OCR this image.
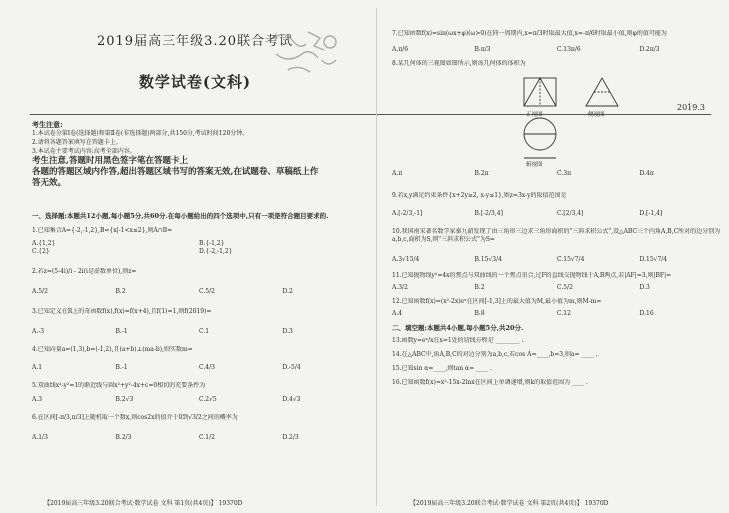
2019届高三年级3.20联合考试
数学试卷(文科)
2019.3
考生注意:
1.本试卷分第Ⅰ卷(选择题)和第Ⅱ卷(非选择题)两部分,共150分,考试时间120分钟。
2.请将各题答案填写在答题卡上。
3.本试卷主要考试内容:高考全部内容。
考生注意,答题时用黑色签字笔在答题卡上
各题的答题区域内作答,超出答题区域书写的答案无效,在试题卷、草稿纸上作
答无效。
一、选择题:本题共12小题,每小题5分,共60分.在每小题给出的四个选项中,只有一项是符合题目要求的.
1.已知集合A={-2,-1,2},B={x|-1<x≤2},则A∩B=
A.{1,2}	B.{-1,2}
C.{2}	D.{-2,-1,2}
2.若z=(5-4i)/i - 2i(i是虚数单位),则z=
A.5/2	B.2	C.5/2	D.2
3.已知定义在R上的奇函数f(x),f(x)=f(x+4),且f(1)=1,则f(2019)=
A.-3	B.-1	C.1	D.3
4.已知向量a=(1,3),b=(-1,2),且(a+b)⊥(ma-b),则实数m=
A.1	B.-1	C.4/3	D.-5/4
5.双曲线x²-y²=1的渐近线与圆x²+y²-4x+c=0相切的充要条件为
A.3	B.2√3	C.2√5	D.4√3
6.在区间[-π/3,π/3]上随机取一个数x,则cos2x的值介于0到√3/2之间的概率为
A.1/3	B.2/3	C.1/2	D.2/3
【2019届高三年级3.20联合考试·数学试卷 文科 第1页(共4页)】 19370D
7.已知函数f(x)=sin(ωx+φ)(ω>0)在同一周期内,x=π/3时取最大值,x=-π/6时取最小值,则φ的值可能为
A.π/6	B.π/3	C.13π/6	D.2π/3
8.某几何体的三视图如图所示,则该几何体的体积为
正视图	侧视图
俯视图
A.π	B.2π	C.3π	D.4π
9.若x,y满足约束条件{x+2y≥2, x-y≤1},则z=3x-y的取值范围是
A.[-2/3,-1]	B.[-2/3,4]	C.[2/3,4]	D.[-1,4]
10.我国南宋著名数学家秦九韶发现了由三角形三边求三角形面积的"三斜求积公式",设△ABC三个内角A,B,C所对的边分别为a,b,c,面积为S,则"三斜求积公式"为S=
A.3√15/4	B.15√3/4	C.15√7/4	D.15√7/4
11.已知抛物线y²=4x的焦点与双曲线的一个焦点重合,过F的直线交抛物线于A,B两点,若|AF|=3,则|BF|=
A.3/2	B.2	C.5/2	D.3
12.已知函数f(x)=(x²-2x)eˣ在区间[-1,3]上的最大值为M,最小值为m,则M-m=
A.4	B.8	C.12	D.16
二、填空题:本题共4小题,每小题5分,共20分.
13.函数y=eˣ/x在x=1处的切线方程是 ________ .
14.在△ABC中,角A,B,C的对边分别为a,b,c,若cos A=____,b=3,则a= ____ .
15.已知sin α=____,则tan α= ____ .
16.已知函数f(x)=x²-15x-2lnx在区间上单调递增,则k的取值范围为 ____ .
【2019届高三年级3.20联合考试·数学试卷 文科 第2页(共4页)】 19370D
